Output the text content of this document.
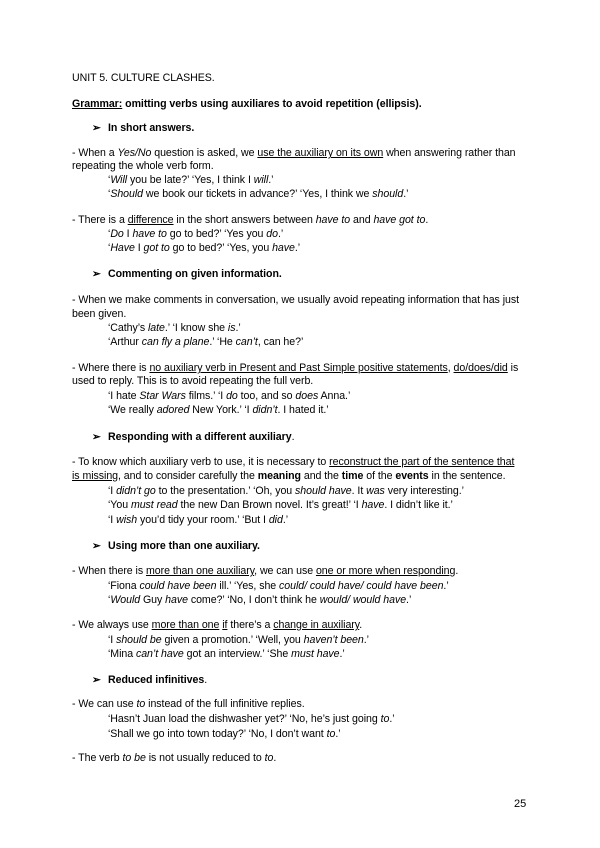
UNIT 5. CULTURE CLASHES.
Grammar: omitting verbs using auxiliares to avoid repetition (ellipsis).
➢ In short answers.
- When a Yes/No question is asked, we use the auxiliary on its own when answering rather than
repeating the whole verb form.
‘Will you be late?’ ‘Yes, I think I will.’
‘Should we book our tickets in advance?’ ‘Yes, I think we should.’
- There is a difference in the short answers between have to and have got to.
‘Do I have to go to bed?’ ‘Yes you do.’
‘Have I got to go to bed?’ ‘Yes, you have.’
➢ Commenting on given information.
- When we make comments in conversation, we usually avoid repeating information that has just
been given.
‘Cathy’s late.’ ‘I know she is.’
‘Arthur can fly a plane.’ ‘He can’t, can he?’
- Where there is no auxiliary verb in Present and Past Simple positive statements, do/does/did is
used to reply. This is to avoid repeating the full verb.
‘I hate Star Wars films.’ ‘I do too, and so does Anna.’
‘We really adored New York.’ ‘I didn’t. I hated it.’
➢ Responding with a different auxiliary.
- To know which auxiliary verb to use, it is necessary to reconstruct the part of the sentence that
is missing, and to consider carefully the meaning and the time of the events in the sentence.
‘I didn’t go to the presentation.’ ‘Oh, you should have. It was very interesting.’
‘You must read the new Dan Brown novel. It’s great!’ ‘I have. I didn’t like it.’
‘I wish you’d tidy your room.’ ‘But I did.’
➢ Using more than one auxiliary.
- When there is more than one auxiliary, we can use one or more when responding.
‘Fiona could have been ill.’ ‘Yes, she could/ could have/ could have been.’
‘Would Guy have come?’ ‘No, I don’t think he would/ would have.’
- We always use more than one if there’s a change in auxiliary.
‘I should be given a promotion.’ ‘Well, you haven’t been.’
‘Mina can’t have got an interview.’ ‘She must have.’
➢ Reduced infinitives.
- We can use to instead of the full infinitive replies.
‘Hasn’t Juan load the dishwasher yet?’ ‘No, he’s just going to.’
‘Shall we go into town today?’ ‘No, I don’t want to.’
- The verb to be is not usually reduced to to.
25
